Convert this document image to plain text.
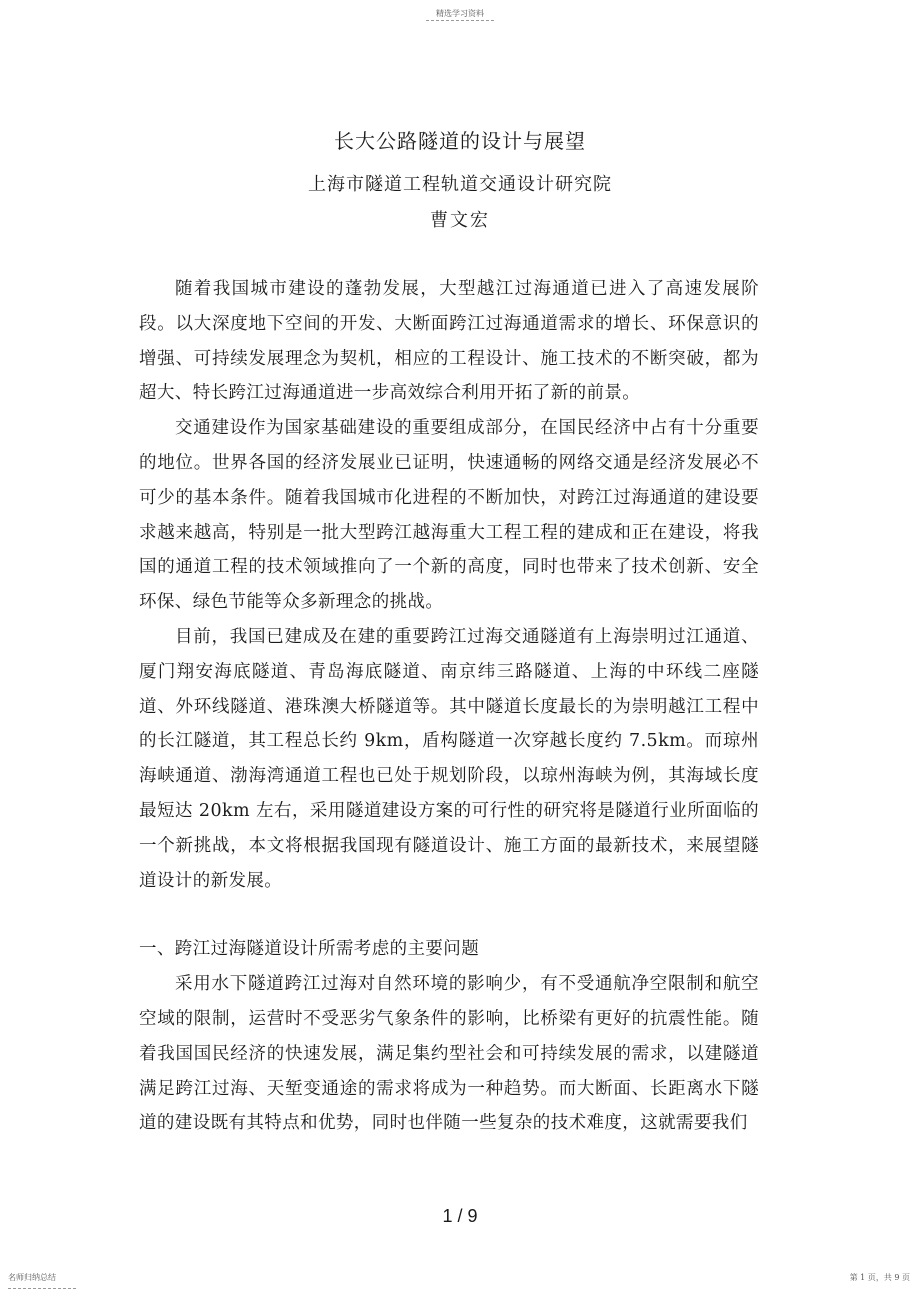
精选学习资料
长大公路隧道的设计与展望
上海市隧道工程轨道交通设计研究院
曹文宏

随着我国城市建设的蓬勃发展，大型越江过海通道已进入了高速发展阶段。以大深度地下空间的开发、大断面跨江过海通道需求的增长、环保意识的增强、可持续发展理念为契机，相应的工程设计、施工技术的不断突破，都为超大、特长跨江过海通道进一步高效综合利用开拓了新的前景。

交通建设作为国家基础建设的重要组成部分，在国民经济中占有十分重要的地位。世界各国的经济发展业已证明，快速通畅的网络交通是经济发展必不可少的基本条件。随着我国城市化进程的不断加快，对跨江过海通道的建设要求越来越高，特别是一批大型跨江越海重大工程工程的建成和正在建设，将我国的通道工程的技术领域推向了一个新的高度，同时也带来了技术创新、安全环保、绿色节能等众多新理念的挑战。

目前，我国已建成及在建的重要跨江过海交通隧道有上海崇明过江通道、厦门翔安海底隧道、青岛海底隧道、南京纬三路隧道、上海的中环线二座隧道、外环线隧道、港珠澳大桥隧道等。其中隧道长度最长的为崇明越江工程中的长江隧道，其工程总长约 9km，盾构隧道一次穿越长度约 7.5km。而琼州海峡通道、渤海湾通道工程也已处于规划阶段，以琼州海峡为例，其海域长度最短达 20km 左右，采用隧道建设方案的可行性的研究将是隧道行业所面临的一个新挑战，本文将根据我国现有隧道设计、施工方面的最新技术，来展望隧道设计的新发展。

一、跨江过海隧道设计所需考虑的主要问题

采用水下隧道跨江过海对自然环境的影响少，有不受通航净空限制和航空空域的限制，运营时不受恶劣气象条件的影响，比桥梁有更好的抗震性能。随着我国国民经济的快速发展，满足集约型社会和可持续发展的需求，以建隧道满足跨江过海、天堑变通途的需求将成为一种趋势。而大断面、长距离水下隧道的建设既有其特点和优势，同时也伴随一些复杂的技术难度，这就需要我们

1 / 9
名师归纳总结	第 1 页，共 9 页
